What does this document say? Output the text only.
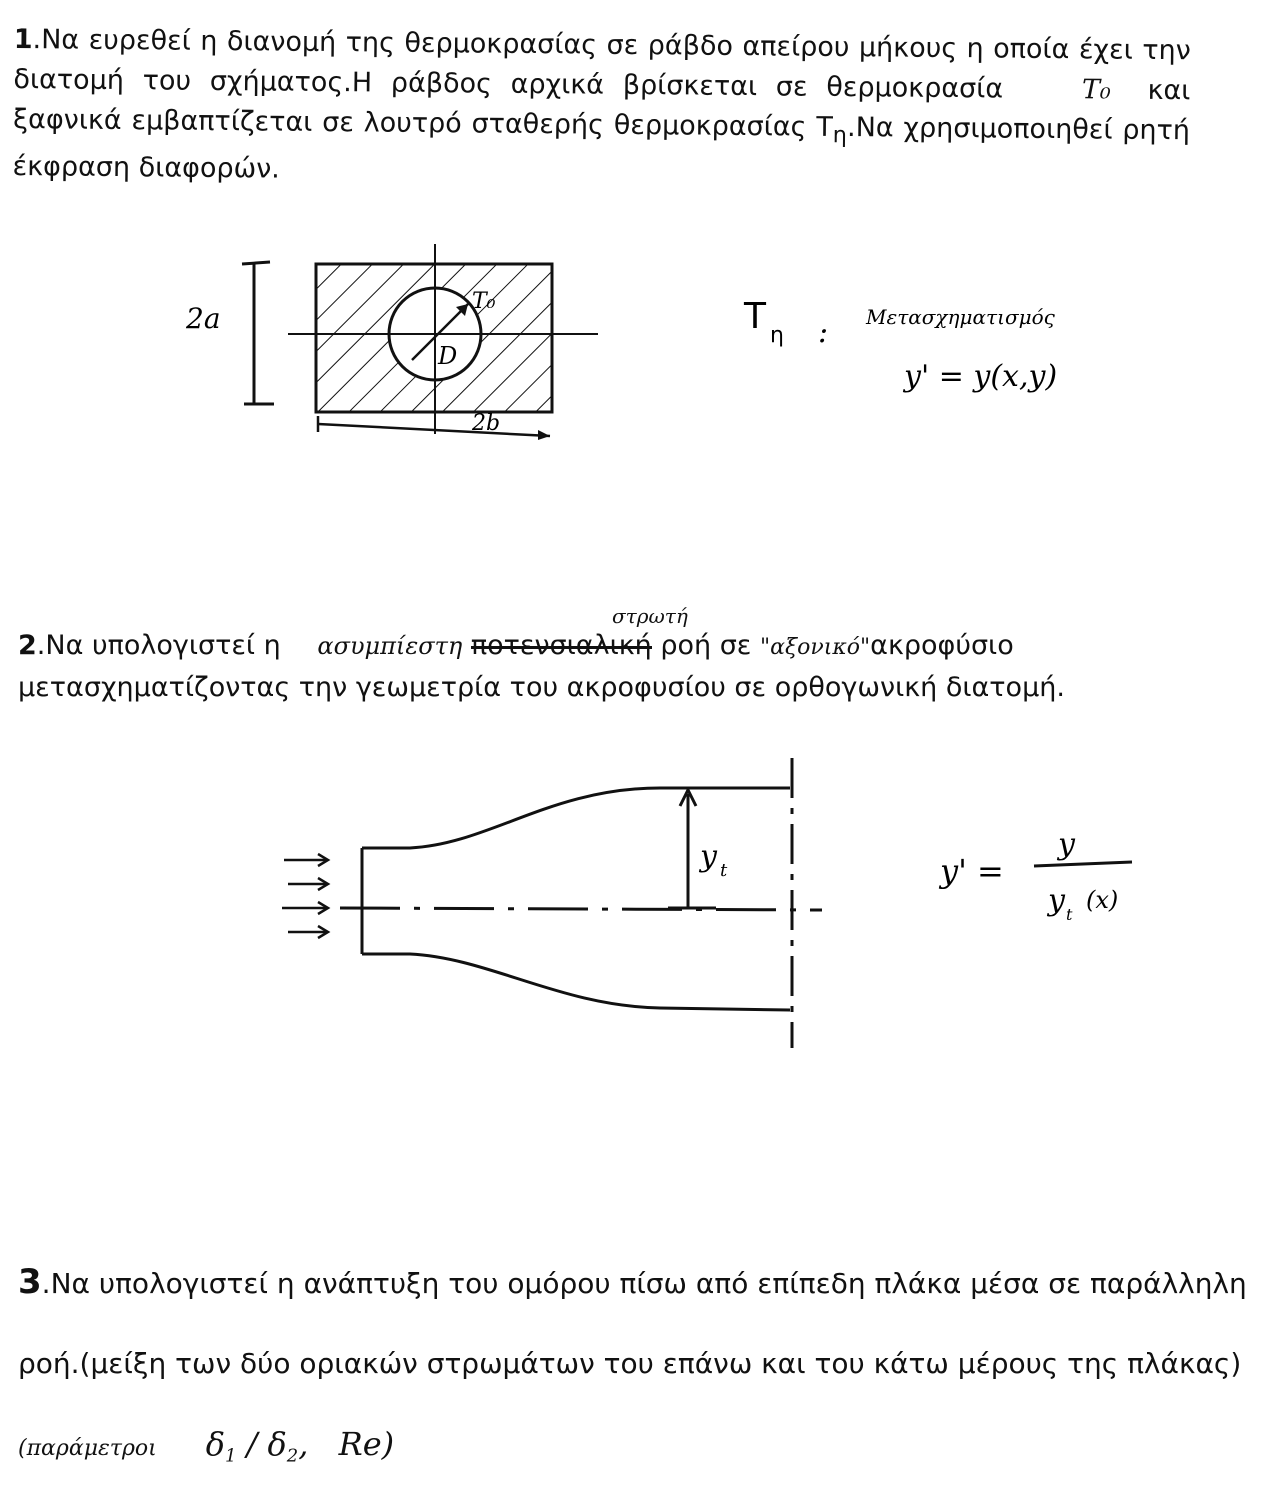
1.Να ευρεθεί η διανομή της θερμοκρασίας σε ράβδο απείρου μήκους η οποία έχει την διατομή του σχήματος.Η ράβδος αρχικά βρίσκεται σε θερμοκρασία	T₀ και ξαφνικά εμβαπτίζεται σε λουτρό σταθερής θερμοκρασίας $T_\eta.N\alpha$ χρησιμοποιηθεί ρητή έκφραση διαφορών.
2a
2b
T₀
D
T η : Μετασχηματισμός
y' = y(x,y)
στρωτή
2.Να υπολογιστεί η ασυμπίεστη ποτενσιαλική ροή σε "αξονικό"ακροφύσιο μετασχηματίζοντας την γεωμετρία του ακροφυσίου σε ορθογωνική διατομή.
y t	y' =
y
y t
(x)
3.Να υπολογιστεί η ανάπτυξη του ομόρου πίσω από επίπεδη πλάκα μέσα σε παράλληλη ροή.(μείξη των δύο οριακών στρωμάτων του επάνω και του κάτω μέρους της πλάκας) (παράμετροι $\delta_1 / \delta_2$, Re)
